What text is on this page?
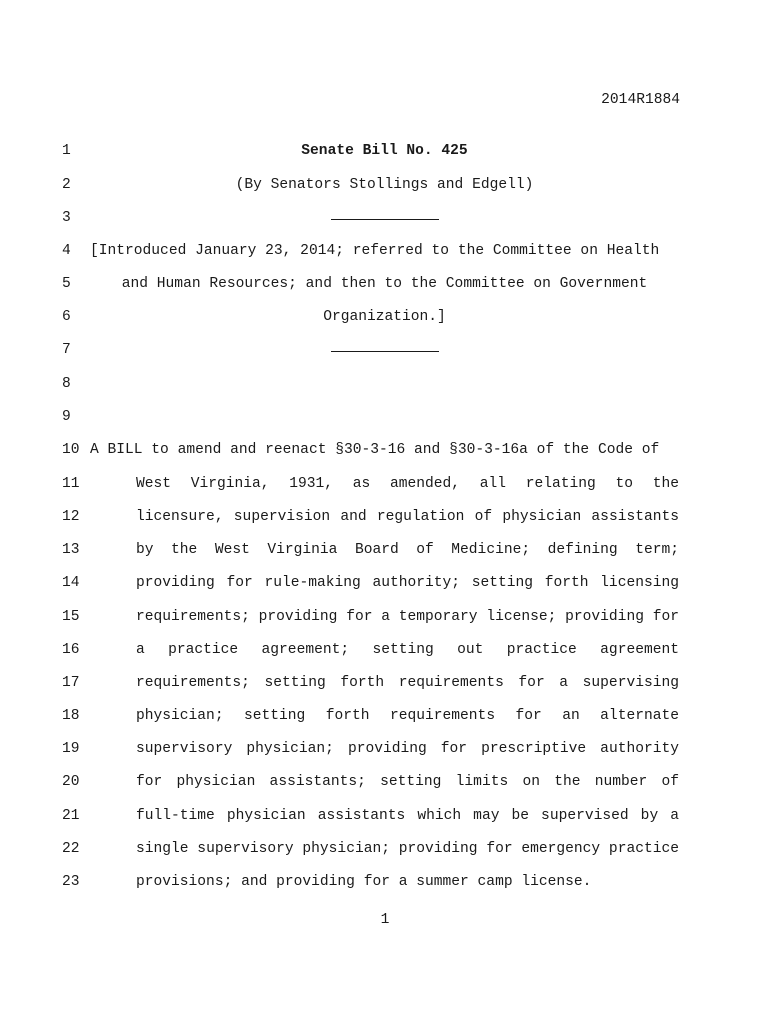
2014R1884
1	Senate Bill No. 425
2	(By Senators Stollings and Edgell)
3
4	[Introduced January 23, 2014; referred to the Committee on Health
5	and Human Resources; and then to the Committee on Government
6	Organization.]
7
8
9
10 A BILL to amend and reenact §30-3-16 and §30-3-16a of the Code of
11	West Virginia, 1931, as amended, all relating to the
12	licensure, supervision and regulation of physician assistants
13	by the West Virginia Board of Medicine; defining term;
14	providing for rule-making authority; setting forth licensing
15	requirements; providing for a temporary license; providing for
16	a practice agreement; setting out practice agreement
17	requirements; setting forth requirements for a supervising
18	physician; setting forth requirements for an alternate
19	supervisory physician; providing for prescriptive authority
20	for physician assistants; setting limits on the number of
21	full-time physician assistants which may be supervised by a
22	single supervisory physician; providing for emergency practice
23	provisions; and providing for a summer camp license.
1
